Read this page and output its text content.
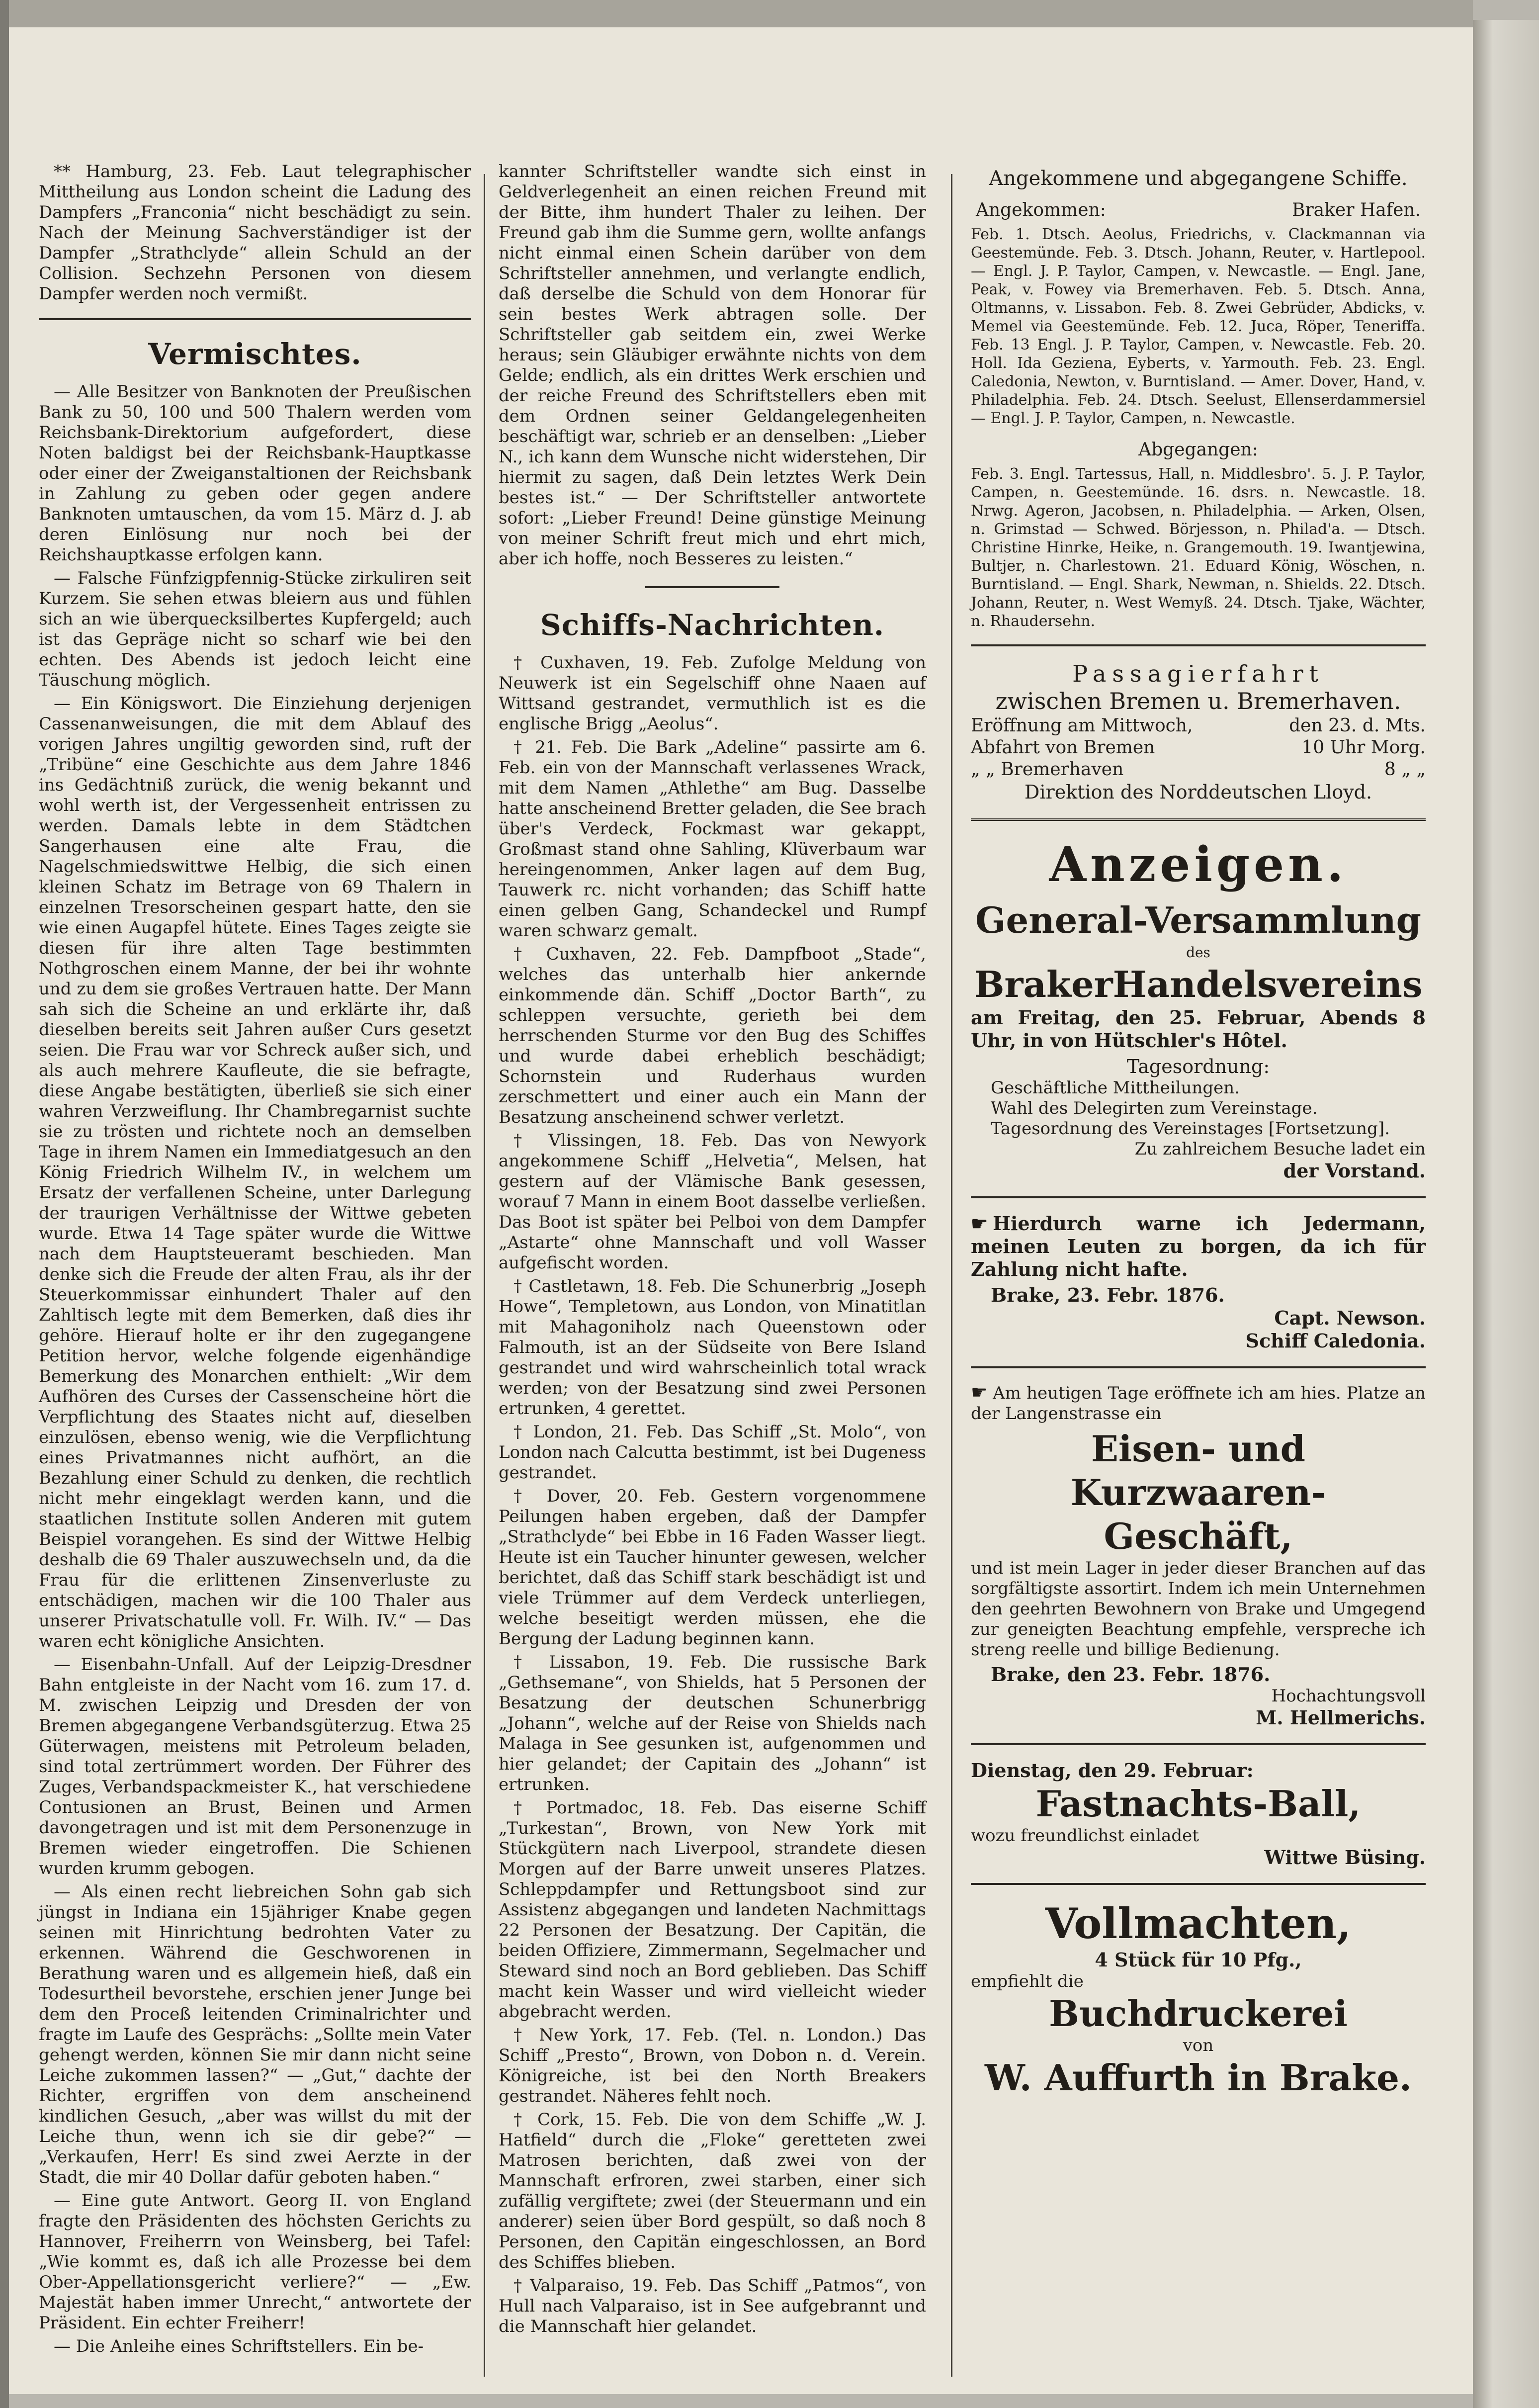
** Hamburg, 23. Feb. Laut telegraphischer Mittheilung aus London scheint die Ladung des Dampfers „Franconia“ nicht beschädigt zu sein. Nach der Meinung Sachverständiger ist der Dampfer „Strathclyde“ allein Schuld an der Collision. Sechzehn Personen von diesem Dampfer werden noch vermißt.

Vermischtes.

— Alle Besitzer von Banknoten der Preußischen Bank zu 50, 100 und 500 Thalern werden vom Reichsbank-Direktorium aufgefordert, diese Noten baldigst bei der Reichsbank-Hauptkasse oder einer der Zweiganstaltionen der Reichsbank in Zahlung zu geben oder gegen andere Banknoten umtauschen, da vom 15. März d. J. ab deren Einlösung nur noch bei der Reichshauptkasse erfolgen kann.

— Falsche Fünfzigpfennig-Stücke zirkuliren seit Kurzem. Sie sehen etwas bleiern aus und fühlen sich an wie überquecksilbertes Kupfergeld; auch ist das Gepräge nicht so scharf wie bei den echten. Des Abends ist jedoch leicht eine Täuschung möglich.

— Ein Königswort. Die Einziehung derjenigen Cassenanweisungen, die mit dem Ablauf des vorigen Jahres ungiltig geworden sind, ruft der „Tribüne“ eine Geschichte aus dem Jahre 1846 ins Gedächtniß zurück, die wenig bekannt und wohl werth ist, der Vergessenheit entrissen zu werden. Damals lebte in dem Städtchen Sangerhausen eine alte Frau, die Nagelschmiedswittwe Helbig, die sich einen kleinen Schatz im Betrage von 69 Thalern in einzelnen Tresorscheinen gespart hatte, den sie wie einen Augapfel hütete. Eines Tages zeigte sie diesen für ihre alten Tage bestimmten Nothgroschen einem Manne, der bei ihr wohnte und zu dem sie großes Vertrauen hatte. Der Mann sah sich die Scheine an und erklärte ihr, daß dieselben bereits seit Jahren außer Curs gesetzt seien. Die Frau war vor Schreck außer sich, und als auch mehrere Kaufleute, die sie befragte, diese Angabe bestätigten, überließ sie sich einer wahren Verzweiflung. Ihr Chambregarnist suchte sie zu trösten und richtete noch an demselben Tage in ihrem Namen ein Immediatgesuch an den König Friedrich Wilhelm IV., in welchem um Ersatz der verfallenen Scheine, unter Darlegung der traurigen Verhältnisse der Wittwe gebeten wurde. Etwa 14 Tage später wurde die Wittwe nach dem Hauptsteueramt beschieden. Man denke sich die Freude der alten Frau, als ihr der Steuerkommissar einhundert Thaler auf den Zahltisch legte mit dem Bemerken, daß dies ihr gehöre. Hierauf holte er ihr den zugegangene Petition hervor, welche folgende eigenhändige Bemerkung des Monarchen enthielt: „Wir dem Aufhören des Curses der Cassenscheine hört die Verpflichtung des Staates nicht auf, dieselben einzulösen, ebenso wenig, wie die Verpflichtung eines Privatmannes nicht aufhört, an die Bezahlung einer Schuld zu denken, die rechtlich nicht mehr eingeklagt werden kann, und die staatlichen Institute sollen Anderen mit gutem Beispiel vorangehen. Es sind der Wittwe Helbig deshalb die 69 Thaler auszuwechseln und, da die Frau für die erlittenen Zinsenverluste zu entschädigen, machen wir die 100 Thaler aus unserer Privatschatulle voll. Fr. Wilh. IV.“ — Das waren echt königliche Ansichten.

— Eisenbahn-Unfall. Auf der Leipzig-Dresdner Bahn entgleiste in der Nacht vom 16. zum 17. d. M. zwischen Leipzig und Dresden der von Bremen abgegangene Verbandsgüterzug. Etwa 25 Güterwagen, meistens mit Petroleum beladen, sind total zertrümmert worden. Der Führer des Zuges, Verbandspackmeister K., hat verschiedene Contusionen an Brust, Beinen und Armen davongetragen und ist mit dem Personenzuge in Bremen wieder eingetroffen. Die Schienen wurden krumm gebogen.

— Als einen recht liebreichen Sohn gab sich jüngst in Indiana ein 15jähriger Knabe gegen seinen mit Hinrichtung bedrohten Vater zu erkennen. Während die Geschworenen in Berathung waren und es allgemein hieß, daß ein Todesurtheil bevorstehe, erschien jener Junge bei dem den Proceß leitenden Criminalrichter und fragte im Laufe des Gesprächs: „Sollte mein Vater gehengt werden, können Sie mir dann nicht seine Leiche zukommen lassen?“ — „Gut,“ dachte der Richter, ergriffen von dem anscheinend kindlichen Gesuch, „aber was willst du mit der Leiche thun, wenn ich sie dir gebe?“ — „Verkaufen, Herr! Es sind zwei Aerzte in der Stadt, die mir 40 Dollar dafür geboten haben.“

— Eine gute Antwort. Georg II. von England fragte den Präsidenten des höchsten Gerichts zu Hannover, Freiherrn von Weinsberg, bei Tafel: „Wie kommt es, daß ich alle Prozesse bei dem Ober-Appellationsgericht verliere?“ — „Ew. Majestät haben immer Unrecht,“ antwortete der Präsident. Ein echter Freiherr!

— Die Anleihe eines Schriftstellers. Ein be-

kannter Schriftsteller wandte sich einst in Geldverlegenheit an einen reichen Freund mit der Bitte, ihm hundert Thaler zu leihen. Der Freund gab ihm die Summe gern, wollte anfangs nicht einmal einen Schein darüber von dem Schriftsteller annehmen, und verlangte endlich, daß derselbe die Schuld von dem Honorar für sein bestes Werk abtragen solle. Der Schriftsteller gab seitdem ein, zwei Werke heraus; sein Gläubiger erwähnte nichts von dem Gelde; endlich, als ein drittes Werk erschien und der reiche Freund des Schriftstellers eben mit dem Ordnen seiner Geldangelegenheiten beschäftigt war, schrieb er an denselben: „Lieber N., ich kann dem Wunsche nicht widerstehen, Dir hiermit zu sagen, daß Dein letztes Werk Dein bestes ist.“ — Der Schriftsteller antwortete sofort: „Lieber Freund! Deine günstige Meinung von meiner Schrift freut mich und ehrt mich, aber ich hoffe, noch Besseres zu leisten.“

Schiffs-Nachrichten.

† Cuxhaven, 19. Feb. Zufolge Meldung von Neuwerk ist ein Segelschiff ohne Naaen auf Wittsand gestrandet, vermuthlich ist es die englische Brigg „Aeolus“.

† 21. Feb. Die Bark „Adeline“ passirte am 6. Feb. ein von der Mannschaft verlassenes Wrack, mit dem Namen „Athlethe“ am Bug. Dasselbe hatte anscheinend Bretter geladen, die See brach über's Verdeck, Fockmast war gekappt, Großmast stand ohne Sahling, Klüverbaum war hereingenommen, Anker lagen auf dem Bug, Tauwerk rc. nicht vorhanden; das Schiff hatte einen gelben Gang, Schandeckel und Rumpf waren schwarz gemalt.

† Cuxhaven, 22. Feb. Dampfboot „Stade“, welches das unterhalb hier ankernde einkommende dän. Schiff „Doctor Barth“, zu schleppen versuchte, gerieth bei dem herrschenden Sturme vor den Bug des Schiffes und wurde dabei erheblich beschädigt; Schornstein und Ruderhaus wurden zerschmettert und einer auch ein Mann der Besatzung anscheinend schwer verletzt.

† Vlissingen, 18. Feb. Das von Newyork angekommene Schiff „Helvetia“, Melsen, hat gestern auf der Vlämische Bank gesessen, worauf 7 Mann in einem Boot dasselbe verließen. Das Boot ist später bei Pelboi von dem Dampfer „Astarte“ ohne Mannschaft und voll Wasser aufgefischt worden.

† Castletawn, 18. Feb. Die Schunerbrig „Joseph Howe“, Templetown, aus London, von Minatitlan mit Mahagoniholz nach Queenstown oder Falmouth, ist an der Südseite von Bere Island gestrandet und wird wahrscheinlich total wrack werden; von der Besatzung sind zwei Personen ertrunken, 4 gerettet.

† London, 21. Feb. Das Schiff „St. Molo“, von London nach Calcutta bestimmt, ist bei Dugeness gestrandet.

† Dover, 20. Feb. Gestern vorgenommene Peilungen haben ergeben, daß der Dampfer „Strathclyde“ bei Ebbe in 16 Faden Wasser liegt. Heute ist ein Taucher hinunter gewesen, welcher berichtet, daß das Schiff stark beschädigt ist und viele Trümmer auf dem Verdeck unterliegen, welche beseitigt werden müssen, ehe die Bergung der Ladung beginnen kann.

† Lissabon, 19. Feb. Die russische Bark „Gethsemane“, von Shields, hat 5 Personen der Besatzung der deutschen Schunerbrigg „Johann“, welche auf der Reise von Shields nach Malaga in See gesunken ist, aufgenommen und hier gelandet; der Capitain des „Johann“ ist ertrunken.

† Portmadoc, 18. Feb. Das eiserne Schiff „Turkestan“, Brown, von New York mit Stückgütern nach Liverpool, strandete diesen Morgen auf der Barre unweit unseres Platzes. Schleppdampfer und Rettungsboot sind zur Assistenz abgegangen und landeten Nachmittags 22 Personen der Besatzung. Der Capitän, die beiden Offiziere, Zimmermann, Segelmacher und Steward sind noch an Bord geblieben. Das Schiff macht kein Wasser und wird vielleicht wieder abgebracht werden.

† New York, 17. Feb. (Tel. n. London.) Das Schiff „Presto“, Brown, von Dobon n. d. Verein. Königreiche, ist bei den North Breakers gestrandet. Näheres fehlt noch.

† Cork, 15. Feb. Die von dem Schiffe „W. J. Hatfield“ durch die „Floke“ geretteten zwei Matrosen berichten, daß zwei von der Mannschaft erfroren, zwei starben, einer sich zufällig vergiftete; zwei (der Steuermann und ein anderer) seien über Bord gespült, so daß noch 8 Personen, den Capitän eingeschlossen, an Bord des Schiffes blieben.

† Valparaiso, 19. Feb. Das Schiff „Patmos“, von Hull nach Valparaiso, ist in See aufgebrannt und die Mannschaft hier gelandet.

Angekommene und abgegangene Schiffe.
Angekommen:	Braker Hafen.

Feb. 1. Dtsch. Aeolus, Friedrichs, v. Clackmannan via Geestemünde. Feb. 3. Dtsch. Johann, Reuter, v. Hartlepool. — Engl. J. P. Taylor, Campen, v. Newcastle. — Engl. Jane, Peak, v. Fowey via Bremerhaven. Feb. 5. Dtsch. Anna, Oltmanns, v. Lissabon. Feb. 8. Zwei Gebrüder, Abdicks, v. Memel via Geestemünde. Feb. 12. Juca, Röper, Teneriffa. Feb. 13 Engl. J. P. Taylor, Campen, v. Newcastle. Feb. 20. Holl. Ida Geziena, Eyberts, v. Yarmouth. Feb. 23. Engl. Caledonia, Newton, v. Burntisland. — Amer. Dover, Hand, v. Philadelphia. Feb. 24. Dtsch. Seelust, Ellenserdammersiel — Engl. J. P. Taylor, Campen, n. Newcastle.

Abgegangen:

Feb. 3. Engl. Tartessus, Hall, n. Middlesbro'. 5. J. P. Taylor, Campen, n. Geestemünde. 16. dsrs. n. Newcastle. 18. Nrwg. Ageron, Jacobsen, n. Philadelphia. — Arken, Olsen, n. Grimstad — Schwed. Börjesson, n. Philad'a. — Dtsch. Christine Hinrke, Heike, n. Grangemouth. 19. Iwantjewina, Bultjer, n. Charlestown. 21. Eduard König, Wöschen, n. Burntisland. — Engl. Shark, Newman, n. Shields. 22. Dtsch. Johann, Reuter, n. West Wemyß. 24. Dtsch. Tjake, Wächter, n. Rhaudersehn.

Passagierfahrt
zwischen Bremen u. Bremerhaven.
Eröffnung am Mittwoch,	den 23. d. Mts.
Abfahrt von Bremen	10 Uhr Morg.
„ „ Bremerhaven	8 „ „
Direktion des Norddeutschen Lloyd.
Anzeigen.
General-Versammlung
des
BrakerHandelsvereins

am Freitag, den 25. Februar, Abends 8 Uhr, in von Hütschler's Hôtel.

Tagesordnung:
Geschäftliche Mittheilungen.
Wahl des Delegirten zum Vereinstage.
Tagesordnung des Vereinstages [Fortsetzung].
Zu zahlreichem Besuche ladet ein
der Vorstand.

☛ Hierdurch warne ich Jedermann, meinen Leuten zu borgen, da ich für Zahlung nicht hafte.

Brake, 23. Febr. 1876.
Capt. Newson.
Schiff Caledonia.

☛ Am heutigen Tage eröffnete ich am hies. Platze an der Langenstrasse ein

Eisen- und Kurzwaaren-
Geschäft,

und ist mein Lager in jeder dieser Branchen auf das sorgfältigste assortirt. Indem ich mein Unternehmen den geehrten Bewohnern von Brake und Umgegend zur geneigten Beachtung empfehle, verspreche ich streng reelle und billige Bedienung.

Brake, den 23. Febr. 1876.
Hochachtungsvoll
M. Hellmerichs.
Dienstag, den 29. Februar:
Fastnachts-Ball,
wozu freundlichst einladet
Wittwe Büsing.
Vollmachten,
4 Stück für 10 Pfg.,
empfiehlt die
Buchdruckerei
von
W. Auffurth in Brake.
